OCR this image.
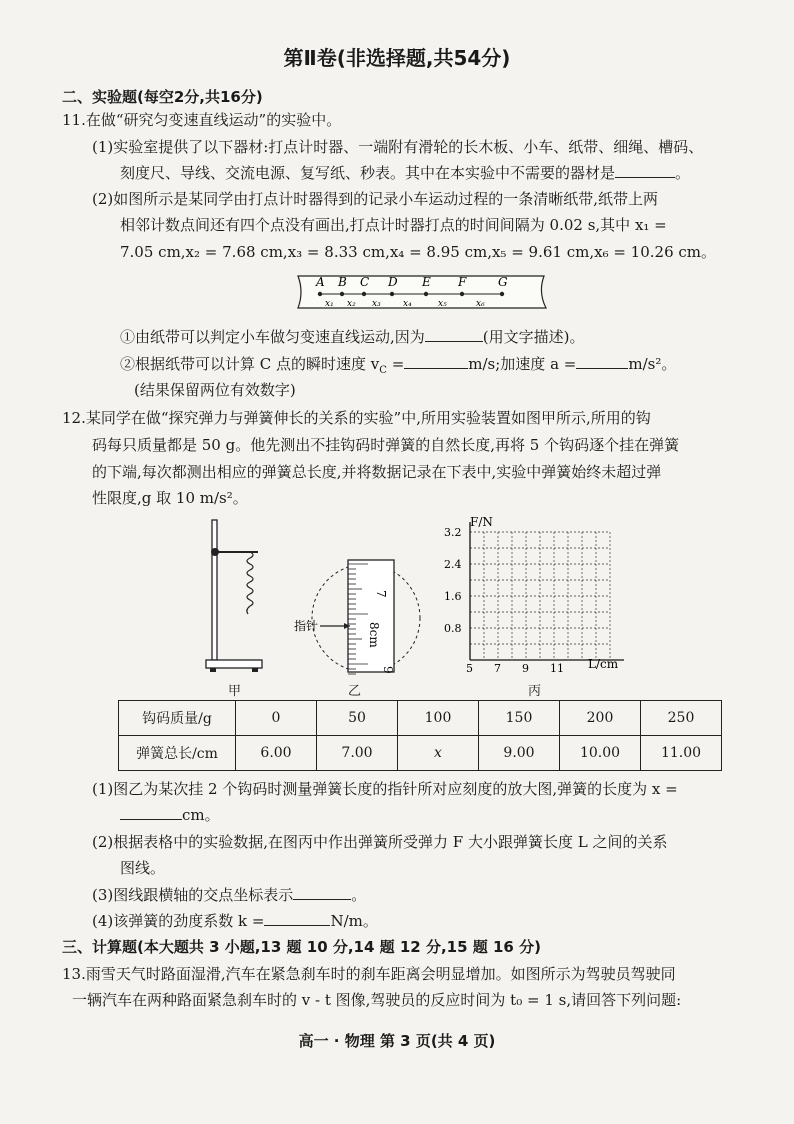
第Ⅱ卷(非选择题,共54分)
二、实验题(每空2分,共16分)
11.在做“研究匀变速直线运动”的实验中。
(1)实验室提供了以下器材:打点计时器、一端附有滑轮的长木板、小车、纸带、细绳、槽码、
刻度尺、导线、交流电源、复写纸、秒表。其中在本实验中不需要的器材是	。
(2)如图所示是某同学由打点计时器得到的记录小车运动过程的一条清晰纸带,纸带上两
相邻计数点间还有四个点没有画出,打点计时器打点的时间间隔为 0.02 s,其中 x₁ =
7.05 cm,x₂ = 7.68 cm,x₃ = 8.33 cm,x₄ = 8.95 cm,x₅ = 9.61 cm,x₆ = 10.26 cm。
A B C D E F	G
x₁ x₂ x₃ x₄	x₅	x₆
①由纸带可以判定小车做匀变速直线运动,因为	(用文字描述)。
②根据纸带可以计算 C 点的瞬时速度 $v_C$ =	m/s;加速度 a =	m/s²。
(结果保留两位有效数字)
12.某同学在做“探究弹力与弹簧伸长的关系的实验”中,所用实验装置如图甲所示,所用的钩
码每只质量都是 50 g。他先测出不挂钩码时弹簧的自然长度,再将 5 个钩码逐个挂在弹簧
的下端,每次都测出相应的弹簧总长度,并将数据记录在下表中,实验中弹簧始终未超过弹
性限度,g 取 10 m/s²。
甲
7
8cm
9
指针
乙
F/N
L/cm
3.2
2.4
1.6
0.8
5 7 9 11
丙
钩码质量/g	0	50	100	150	200	250
弹簧总长/cm	6.00	7.00	x	9.00	10.00	11.00
(1)图乙为某次挂 2 个钩码时测量弹簧长度的指针所对应刻度的放大图,弹簧的长度为 x =
cm。
(2)根据表格中的实验数据,在图丙中作出弹簧所受弹力 F 大小跟弹簧长度 L 之间的关系
图线。
(3)图线跟横轴的交点坐标表示	。
(4)该弹簧的劲度系数 k =	N/m。
三、计算题(本大题共 3 小题,13 题 10 分,14 题 12 分,15 题 16 分)
13.雨雪天气时路面湿滑,汽车在紧急刹车时的刹车距离会明显增加。如图所示为驾驶员驾驶同
一辆汽车在两种路面紧急刹车时的 v - t 图像,驾驶员的反应时间为 t₀ = 1 s,请回答下列问题:
高一 · 物理 第 3 页(共 4 页)
